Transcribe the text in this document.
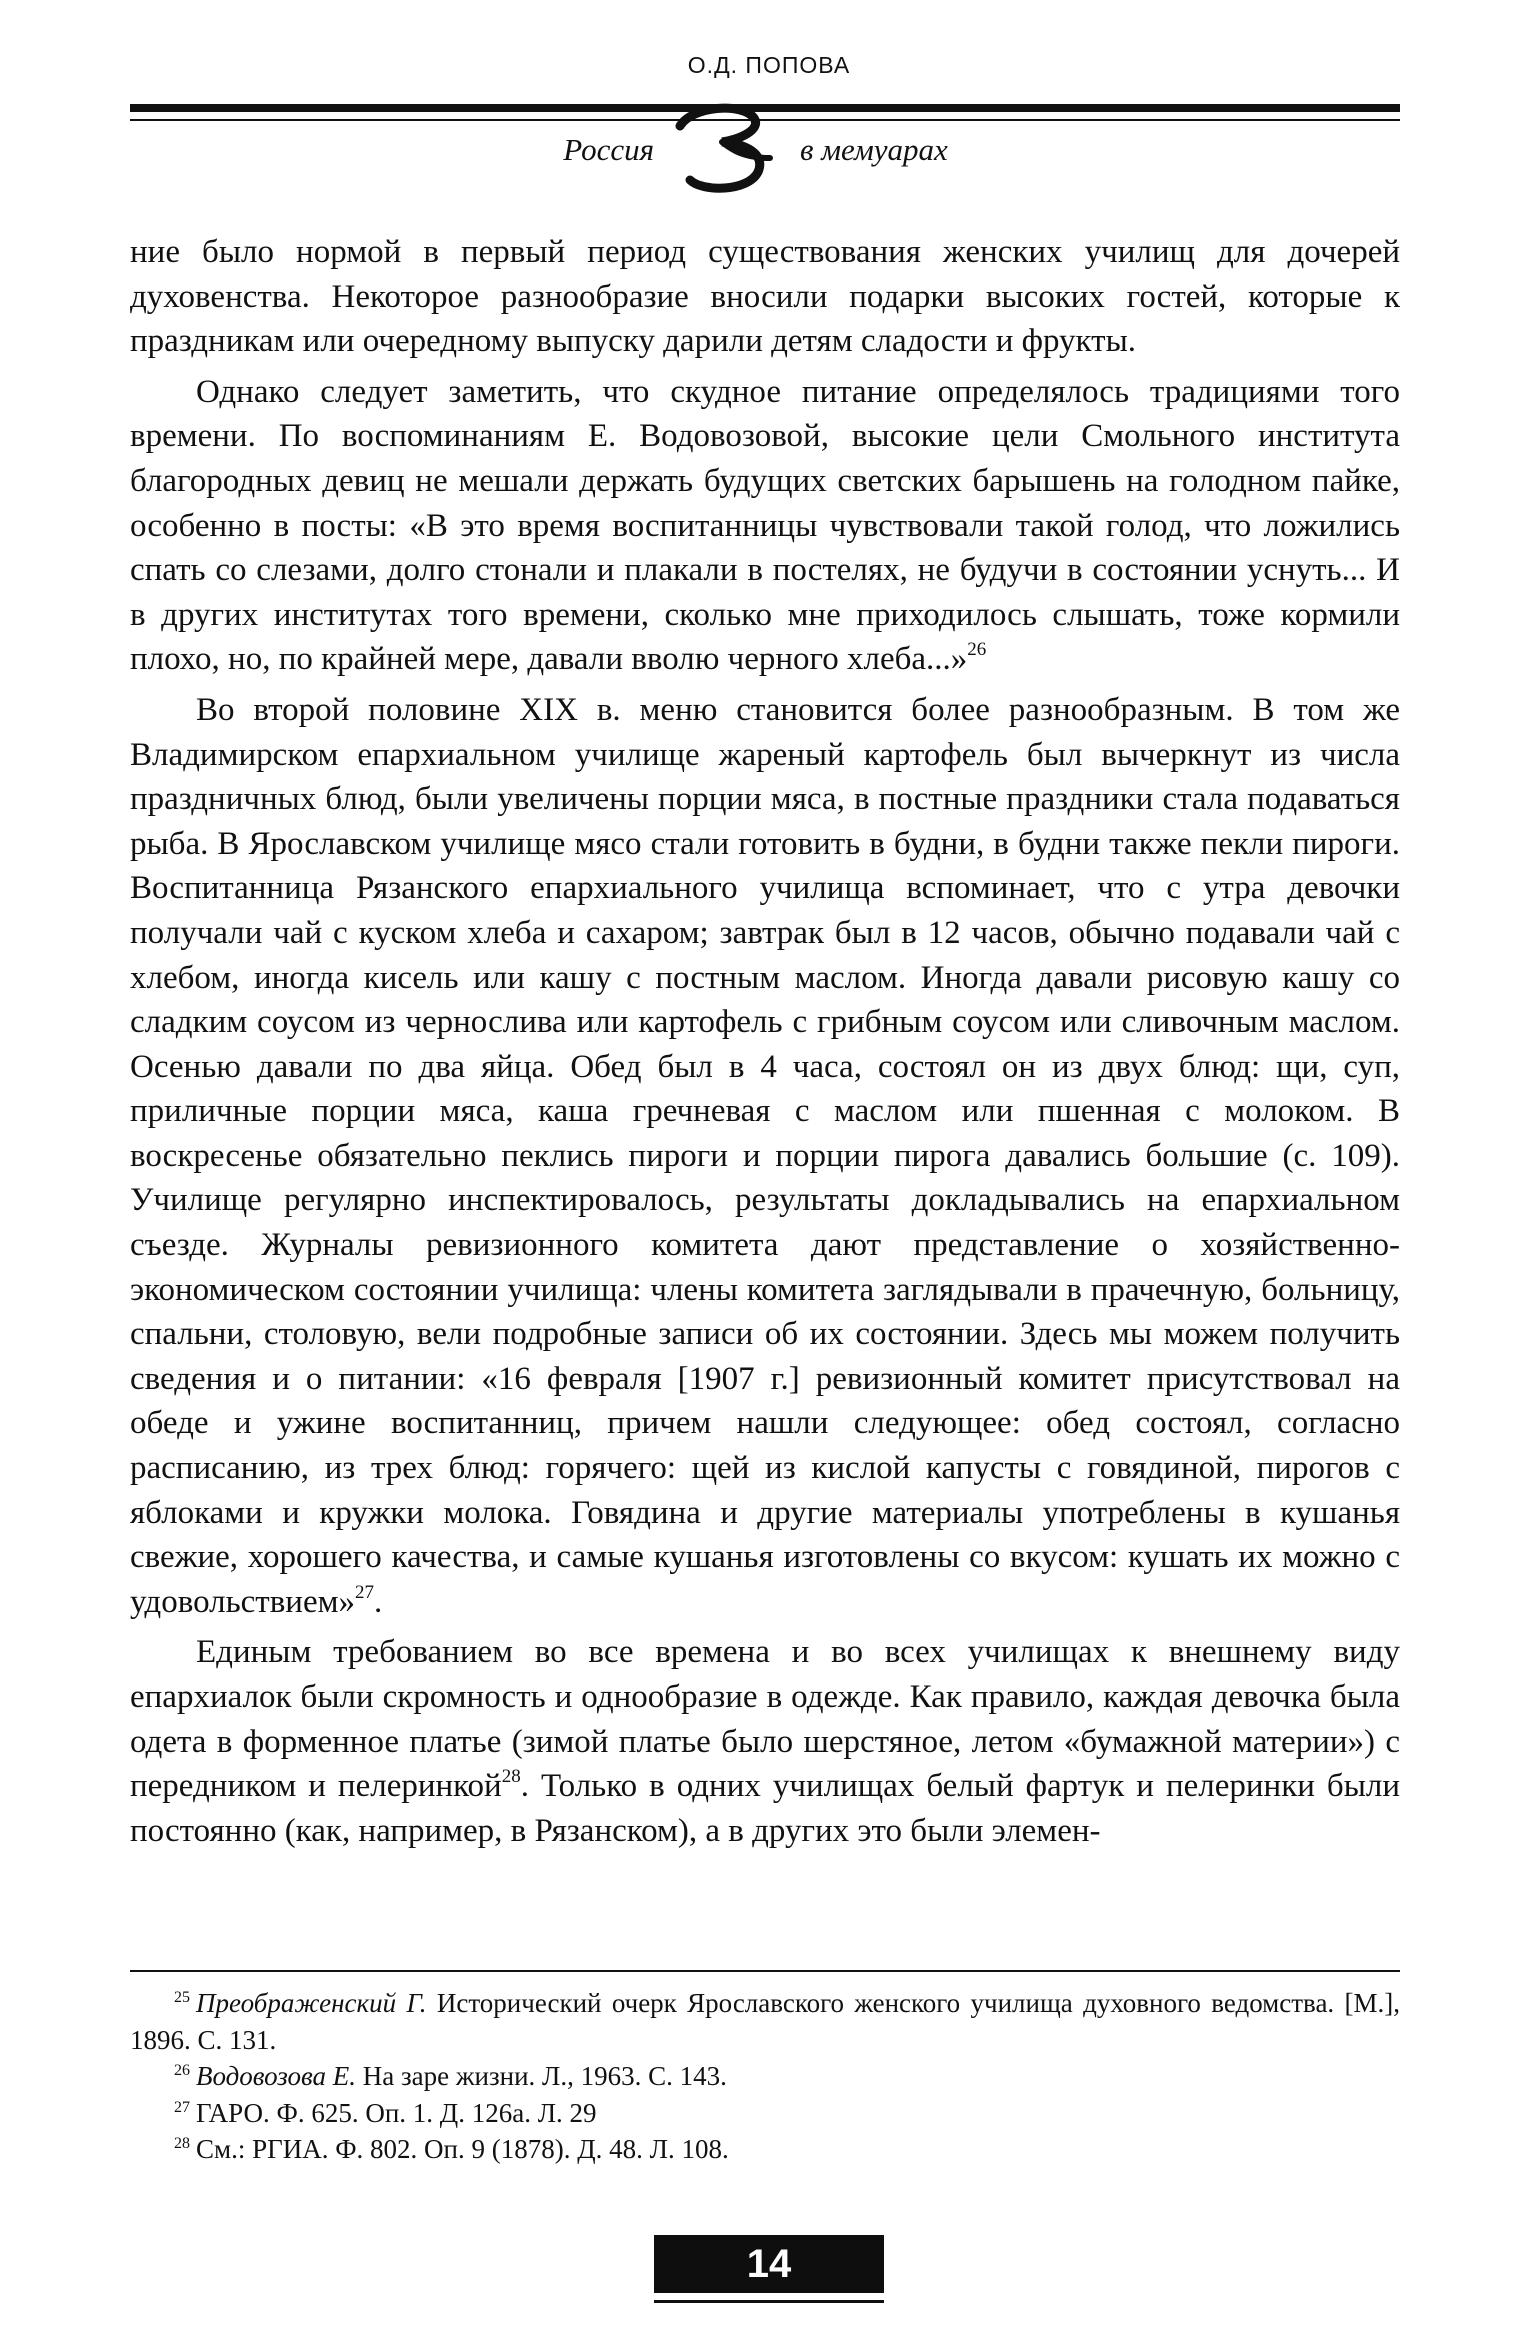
О.Д. ПОПОВА
Россия	в мемуарах

ние было нормой в первый период существования женских училищ для дочерей духовенства. Некоторое разнообразие вносили подарки высоких гостей, которые к праздникам или очередному выпуску дарили детям сладости и фрукты.

Однако следует заметить, что скудное питание определялось традициями того времени. По воспоминаниям Е. Водовозовой, высокие цели Смольного института благородных девиц не мешали держать будущих светских барышень на голодном пайке, особенно в посты: «В это время воспитанницы чувствовали такой голод, что ложились спать со слезами, долго стонали и плакали в постелях, не будучи в состоянии уснуть... И в других институтах того времени, сколько мне приходилось слышать, тоже кормили плохо, но, по крайней мере, давали вволю черного хлеба...»$^{26}$

Во второй половине XIX в. меню становится более разнообразным. В том же Владимирском епархиальном училище жареный картофель был вычеркнут из числа праздничных блюд, были увеличены порции мяса, в постные праздники стала подаваться рыба. В Ярославском училище мясо стали готовить в будни, в будни также пекли пироги. Воспитанница Рязанского епархиального училища вспоминает, что с утра девочки получали чай с куском хлеба и сахаром; завтрак был в 12 часов, обычно подавали чай с хлебом, иногда кисель или кашу с постным маслом. Иногда давали рисовую кашу со сладким соусом из чернослива или картофель с грибным соусом или сливочным маслом. Осенью давали по два яйца. Обед был в 4 часа, состоял он из двух блюд: щи, суп, приличные порции мяса, каша гречневая с маслом или пшенная с молоком. В воскресенье обязательно пеклись пироги и порции пирога давались большие (с. 109). Училище регулярно инспектировалось, результаты докладывались на епархиальном съезде. Журналы ревизионного комитета дают представление о хозяйственно-экономическом состоянии училища: члены комитета заглядывали в прачечную, больницу, спальни, столовую, вели подробные записи об их состоянии. Здесь мы можем получить сведения и о питании: «16 февраля [1907 г.] ревизионный комитет присутствовал на обеде и ужине воспитанниц, причем нашли следующее: обед состоял, согласно расписанию, из трех блюд: горячего: щей из кислой капусты с говядиной, пирогов с яблоками и кружки молока. Говядина и другие материалы употреблены в кушанья свежие, хорошего качества, и самые кушанья изготовлены со вкусом: кушать их можно с удовольствием»$^{27}$.

Единым требованием во все времена и во всех училищах к внешнему виду епархиалок были скромность и однообразие в одежде. Как правило, каждая девочка была одета в форменное платье (зимой платье было шерстяное, летом «бумажной материи») с передником и пелеринкой$^{28}$. Только в одних училищах белый фартук и пелеринки были постоянно (как, например, в Рязанском), а в других это были элемен-

$^{25}$ Преображенский Г. Исторический очерк Ярославского женского училища духовного ведомства. [М.], 1896. С. 131.

$^{26}$ Водовозова Е. На заре жизни. Л., 1963. С. 143.

$^{27}$ ГАРО. Ф. 625. Оп. 1. Д. 126а. Л. 29

$^{28}$ См.: РГИА. Ф. 802. Оп. 9 (1878). Д. 48. Л. 108.

14
